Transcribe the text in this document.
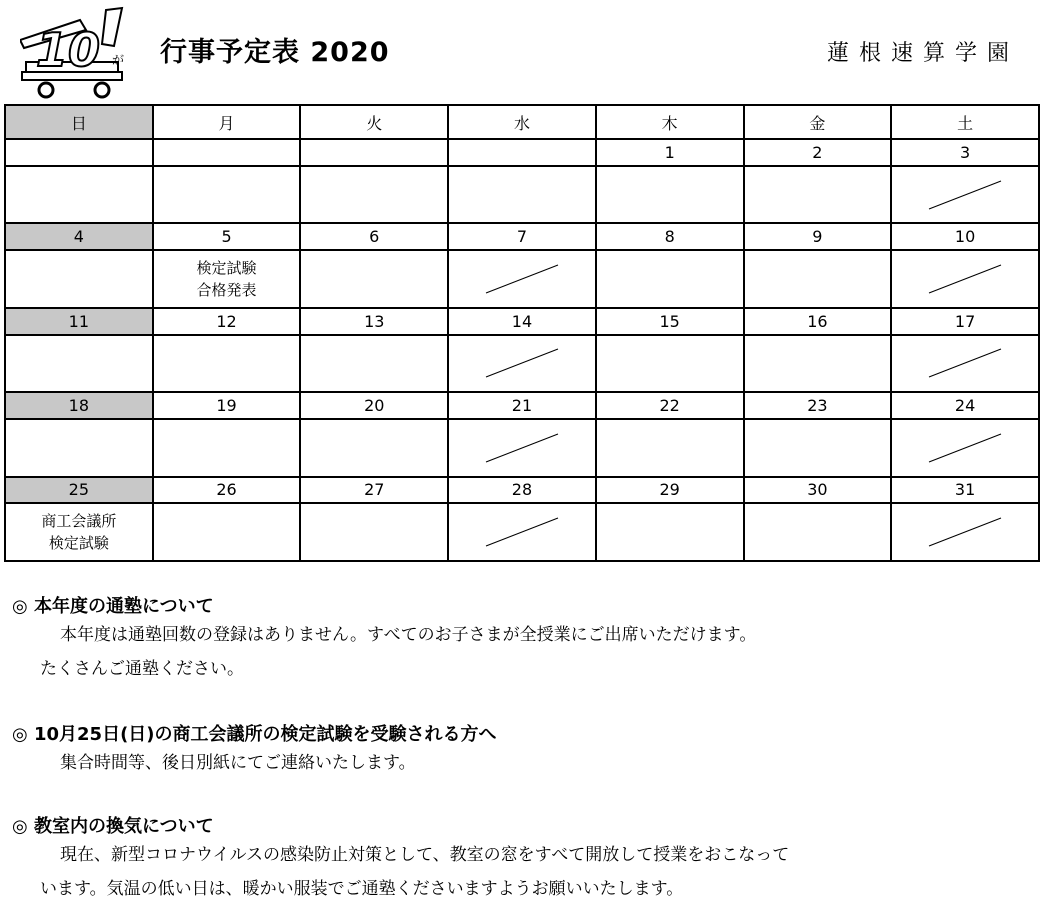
10 が 行事予定表 2020	蓮根速算学園
日	月	火	水	木	金	土
				1	2	3

4	5	6	7	8	9	10

	検定試験
合格発表

11	12	13	14	15	16	17

18	19	20	21	22	23	24

25	26	27	28	29	30	31

商工会議所
検定試験

◎ 本年度の通塾について

本年度は通塾回数の登録はありません。すべてのお子さまが全授業にご出席いただけます。

たくさんご通塾ください。

◎ 10月25日(日)の商工会議所の検定試験を受験される方へ

集合時間等、後日別紙にてご連絡いたします。

◎ 教室内の換気について

現在、新型コロナウイルスの感染防止対策として、教室の窓をすべて開放して授業をおこなって

います。気温の低い日は、暖かい服装でご通塾くださいますようお願いいたします。
